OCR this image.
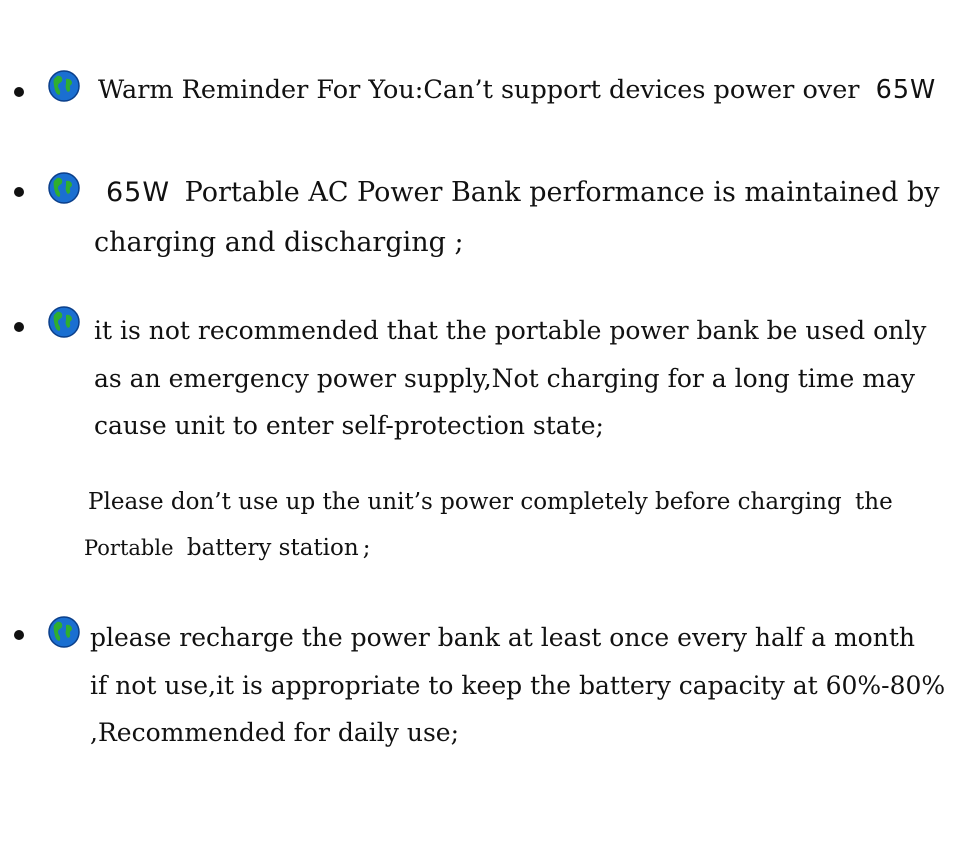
Warm Reminder For You:Can’t support devices power over 65W
65W Portable AC Power Bank performance is maintained by
charging and discharging ;
it is not recommended that the portable power bank be used only
as an emergency power supply,Not charging for a long time may
cause unit to enter self-protection state;
Please don’t use up the unit’s power completely before charging the
Portable battery station ;
please recharge the power bank at least once every half a month
if not use,it is appropriate to keep the battery capacity at 60%-80%
,Recommended for daily use;
